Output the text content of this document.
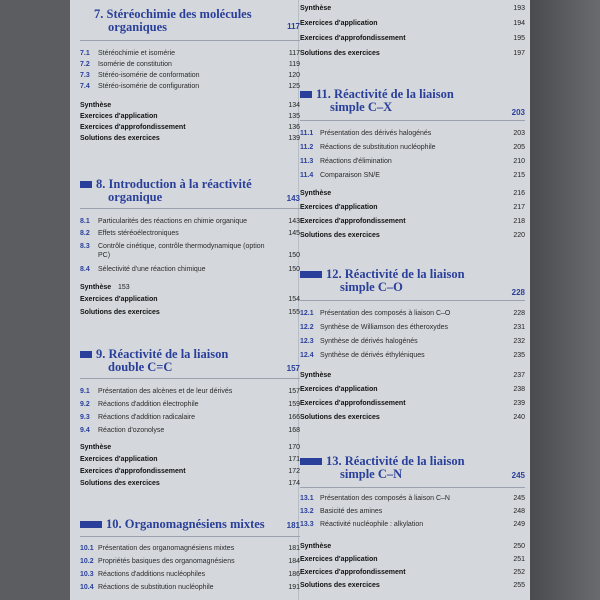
7. Stéréochimie des molécules
organiques	117
7.1 Stéréochimie et isomérie	117
7.2 Isomérie de constitution	119
7.3 Stéréo-isomérie de conformation	120
7.4 Stéréo-isomérie de configuration	125
Synthèse	134
Exercices d'application	135
Exercices d'approfondissement	136
Solutions des exercices	139
8. Introduction à la réactivité
organique	143
8.1 Particularités des réactions en chimie organique	143
8.2 Effets stéréoélectroniques	145
8.3 Contrôle cinétique, contrôle thermodynamique (option PC)	150
8.4 Sélectivité d'une réaction chimique	150
Synthèse 153
Exercices d'application	154
Solutions des exercices	155
9. Réactivité de la liaison
double C=C	157
9.1 Présentation des alcènes et de leur dérivés	157
9.2 Réactions d'addition électrophile	159
9.3 Réactions d'addition radicalaire	166
9.4 Réaction d'ozonolyse	168
Synthèse	170
Exercices d'application	171
Exercices d'approfondissement	172
Solutions des exercices	174
10. Organomagnésiens mixtes	181
10.1 Présentation des organomagnésiens mixtes	181
10.2 Propriétés basiques des organomagnésiens	184
10.3 Réactions d'additions nucléophiles	186
10.4 Réactions de substitution nucléophile	191
Synthèse	193
Exercices d'application	194
Exercices d'approfondissement	195
Solutions des exercices	197
11. Réactivité de la liaison
simple C–X	203
11.1 Présentation des dérivés halogénés	203
11.2 Réactions de substitution nucléophile	205
11.3 Réactions d'élimination	210
11.4 Comparaison SN/E	215
Synthèse	216
Exercices d'application	217
Exercices d'approfondissement	218
Solutions des exercices	220
12. Réactivité de la liaison
simple C–O	228
12.1 Présentation des composés à liaison C–O	228
12.2 Synthèse de Williamson des étheroxydes	231
12.3 Synthèse de dérivés halogénés	232
12.4 Synthèse de dérivés éthyléniques	235
Synthèse	237
Exercices d'application	238
Exercices d'approfondissement	239
Solutions des exercices	240
13. Réactivité de la liaison
simple C–N	245
13.1 Présentation des composés à liaison C–N	245
13.2 Basicité des amines	248
13.3 Réactivité nucléophile : alkylation	249
Synthèse	250
Exercices d'application	251
Exercices d'approfondissement	252
Solutions des exercices	255
